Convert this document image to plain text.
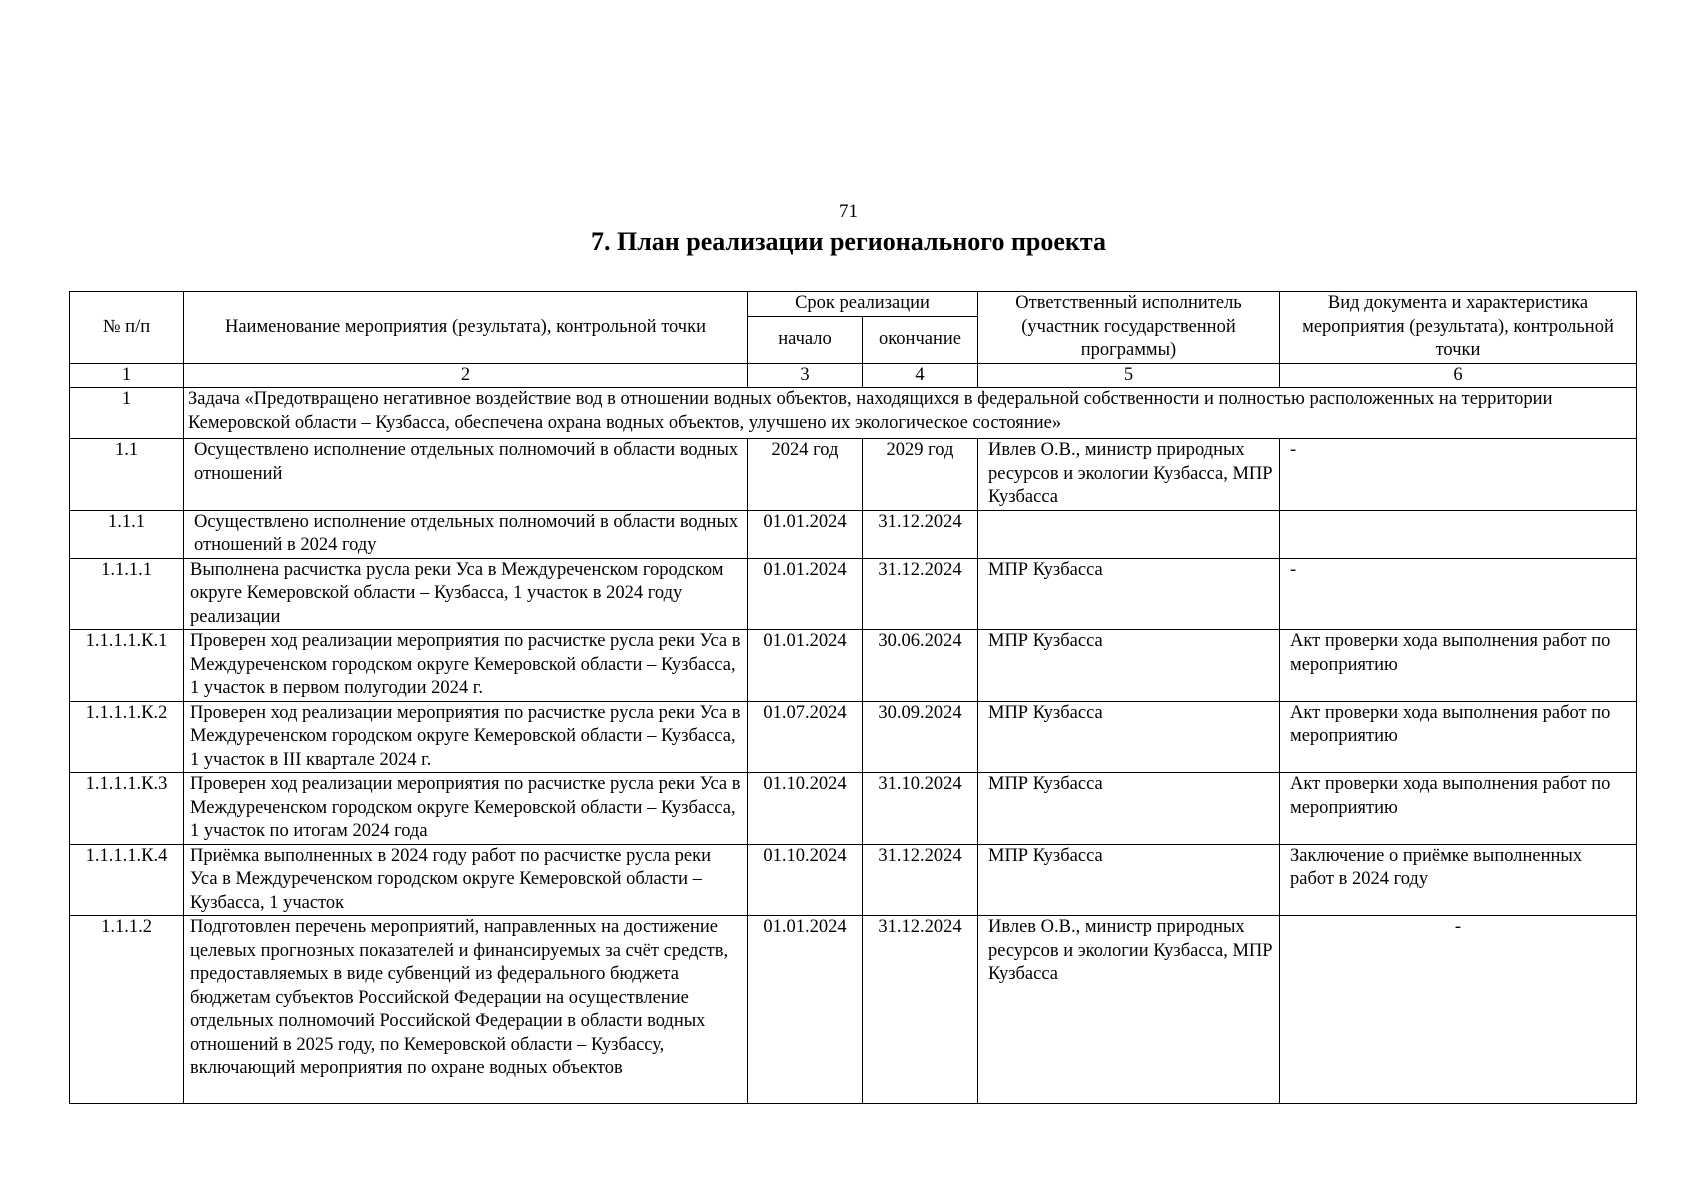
71
7. План реализации регионального проекта
№ п/п	Наименование мероприятия (результата), контрольной точки	Срок реализации		Ответственный исполнитель (участник государственной программы)	Вид документа и характеристика мероприятия (результата), контрольной точки
		начало	окончание		
1	2	3	4	5	6
1	Задача «Предотвращено негативное воздействие вод в отношении водных объектов, находящихся в федеральной собственности и полностью расположенных на территории Кемеровской области – Кузбасса, обеспечена охрана водных объектов, улучшено их экологическое состояние»				
1.1	Осуществлено исполнение отдельных полномочий в области водных отношений	2024 год	2029 год	Ивлев О.В., министр природных ресурсов и экологии Кузбасса, МПР Кузбасса	-
1.1.1	Осуществлено исполнение отдельных полномочий в области водных отношений в 2024 году	01.01.2024	31.12.2024		
1.1.1.1	Выполнена расчистка русла реки Уса в Междуреченском городском округе Кемеровской области – Кузбасса, 1 участок в 2024 году реализации	01.01.2024	31.12.2024	МПР Кузбасса	-
1.1.1.1.К.1	Проверен ход реализации мероприятия по расчистке русла реки Уса в Междуреченском городском округе Кемеровской области – Кузбасса, 1 участок в первом полугодии 2024 г.	01.01.2024	30.06.2024	МПР Кузбасса	Акт проверки хода выполнения работ по мероприятию
1.1.1.1.К.2	Проверен ход реализации мероприятия по расчистке русла реки Уса в Междуреченском городском округе Кемеровской области – Кузбасса, 1 участок в III квартале 2024 г.	01.07.2024	30.09.2024	МПР Кузбасса	Акт проверки хода выполнения работ по мероприятию
1.1.1.1.К.3	Проверен ход реализации мероприятия по расчистке русла реки Уса в Междуреченском городском округе Кемеровской области – Кузбасса, 1 участок по итогам 2024 года	01.10.2024	31.10.2024	МПР Кузбасса	Акт проверки хода выполнения работ по мероприятию
1.1.1.1.К.4	Приёмка выполненных в 2024 году работ по расчистке русла реки Уса в Междуреченском городском округе Кемеровской области – Кузбасса, 1 участок	01.10.2024	31.12.2024	МПР Кузбасса	Заключение о приёмке выполненных работ в 2024 году
1.1.1.2	Подготовлен перечень мероприятий, направленных на достижение целевых прогнозных показателей и финансируемых за счёт средств, предоставляемых в виде субвенций из федерального бюджета бюджетам субъектов Российской Федерации на осуществление отдельных полномочий Российской Федерации в области водных отношений в 2025 году, по Кемеровской области – Кузбассу, включающий мероприятия по охране водных объектов	01.01.2024	31.12.2024	Ивлев О.В., министр природных ресурсов и экологии Кузбасса, МПР Кузбасса	-
